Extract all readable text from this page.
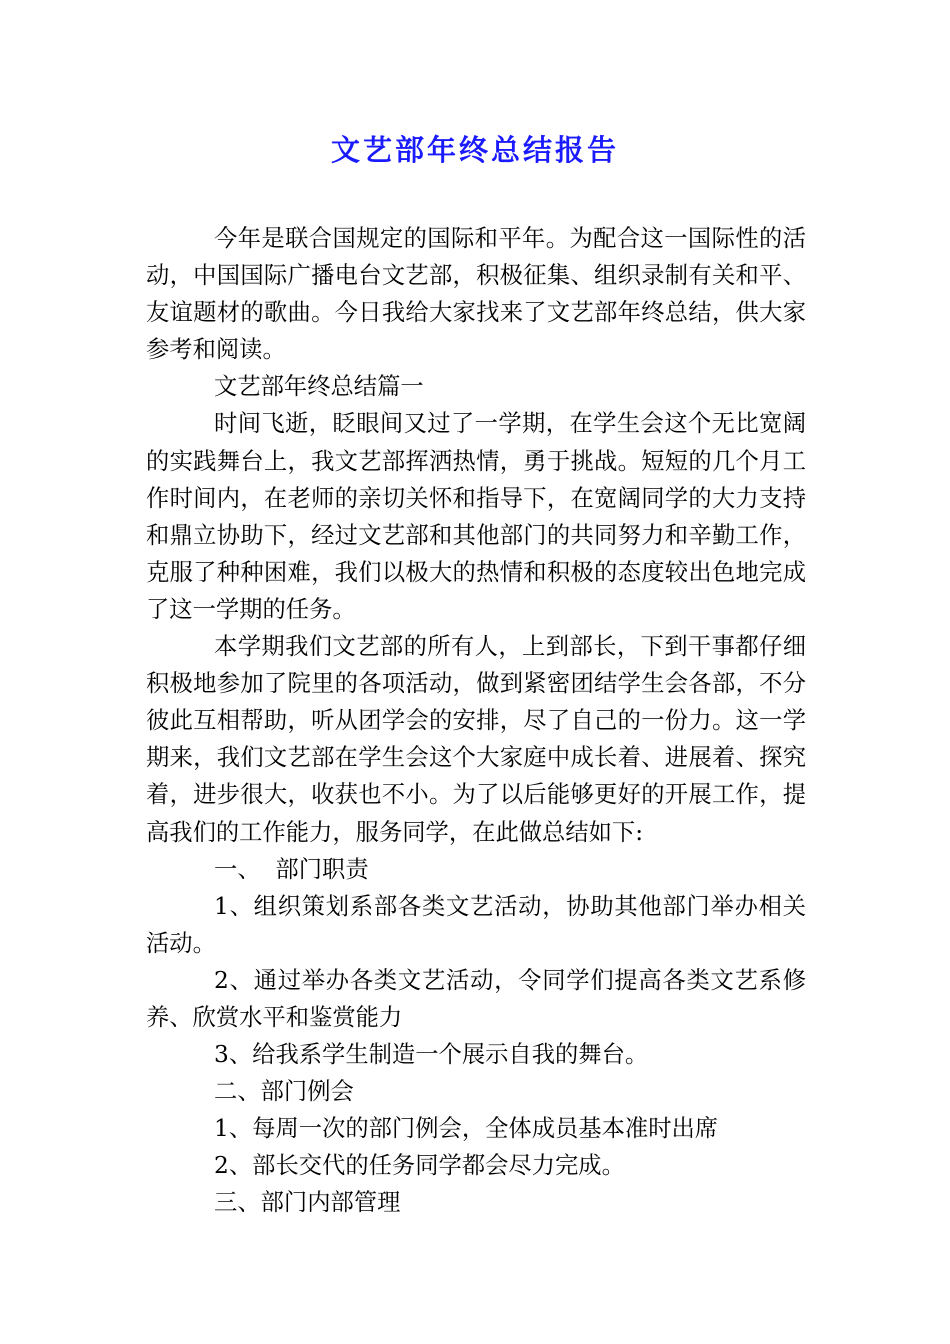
文艺部年终总结报告

今年是联合国规定的国际和平年。为配合这一国际性的活动，中国国际广播电台文艺部，积极征集、组织录制有关和平、友谊题材的歌曲。今日我给大家找来了文艺部年终总结，供大家参考和阅读。

文艺部年终总结篇一

时间飞逝，眨眼间又过了一学期，在学生会这个无比宽阔的实践舞台上，我文艺部挥洒热情，勇于挑战。短短的几个月工作时间内，在老师的亲切关怀和指导下，在宽阔同学的大力支持和鼎立协助下，经过文艺部和其他部门的共同努力和辛勤工作，克服了种种困难，我们以极大的热情和积极的态度较出色地完成了这一学期的任务。

本学期我们文艺部的所有人，上到部长，下到干事都仔细积极地参加了院里的各项活动，做到紧密团结学生会各部，不分彼此互相帮助，听从团学会的安排，尽了自己的一份力。这一学期来，我们文艺部在学生会这个大家庭中成长着、进展着、探究着，进步很大，收获也不小。为了以后能够更好的开展工作，提高我们的工作能力，服务同学，在此做总结如下:

一、  部门职责

1、组织策划系部各类文艺活动，协助其他部门举办相关活动。

2、通过举办各类文艺活动，令同学们提高各类文艺系修养、欣赏水平和鉴赏能力

3、给我系学生制造一个展示自我的舞台。

二、部门例会

1、每周一次的部门例会，全体成员基本准时出席

2、部长交代的任务同学都会尽力完成。

三、部门内部管理
